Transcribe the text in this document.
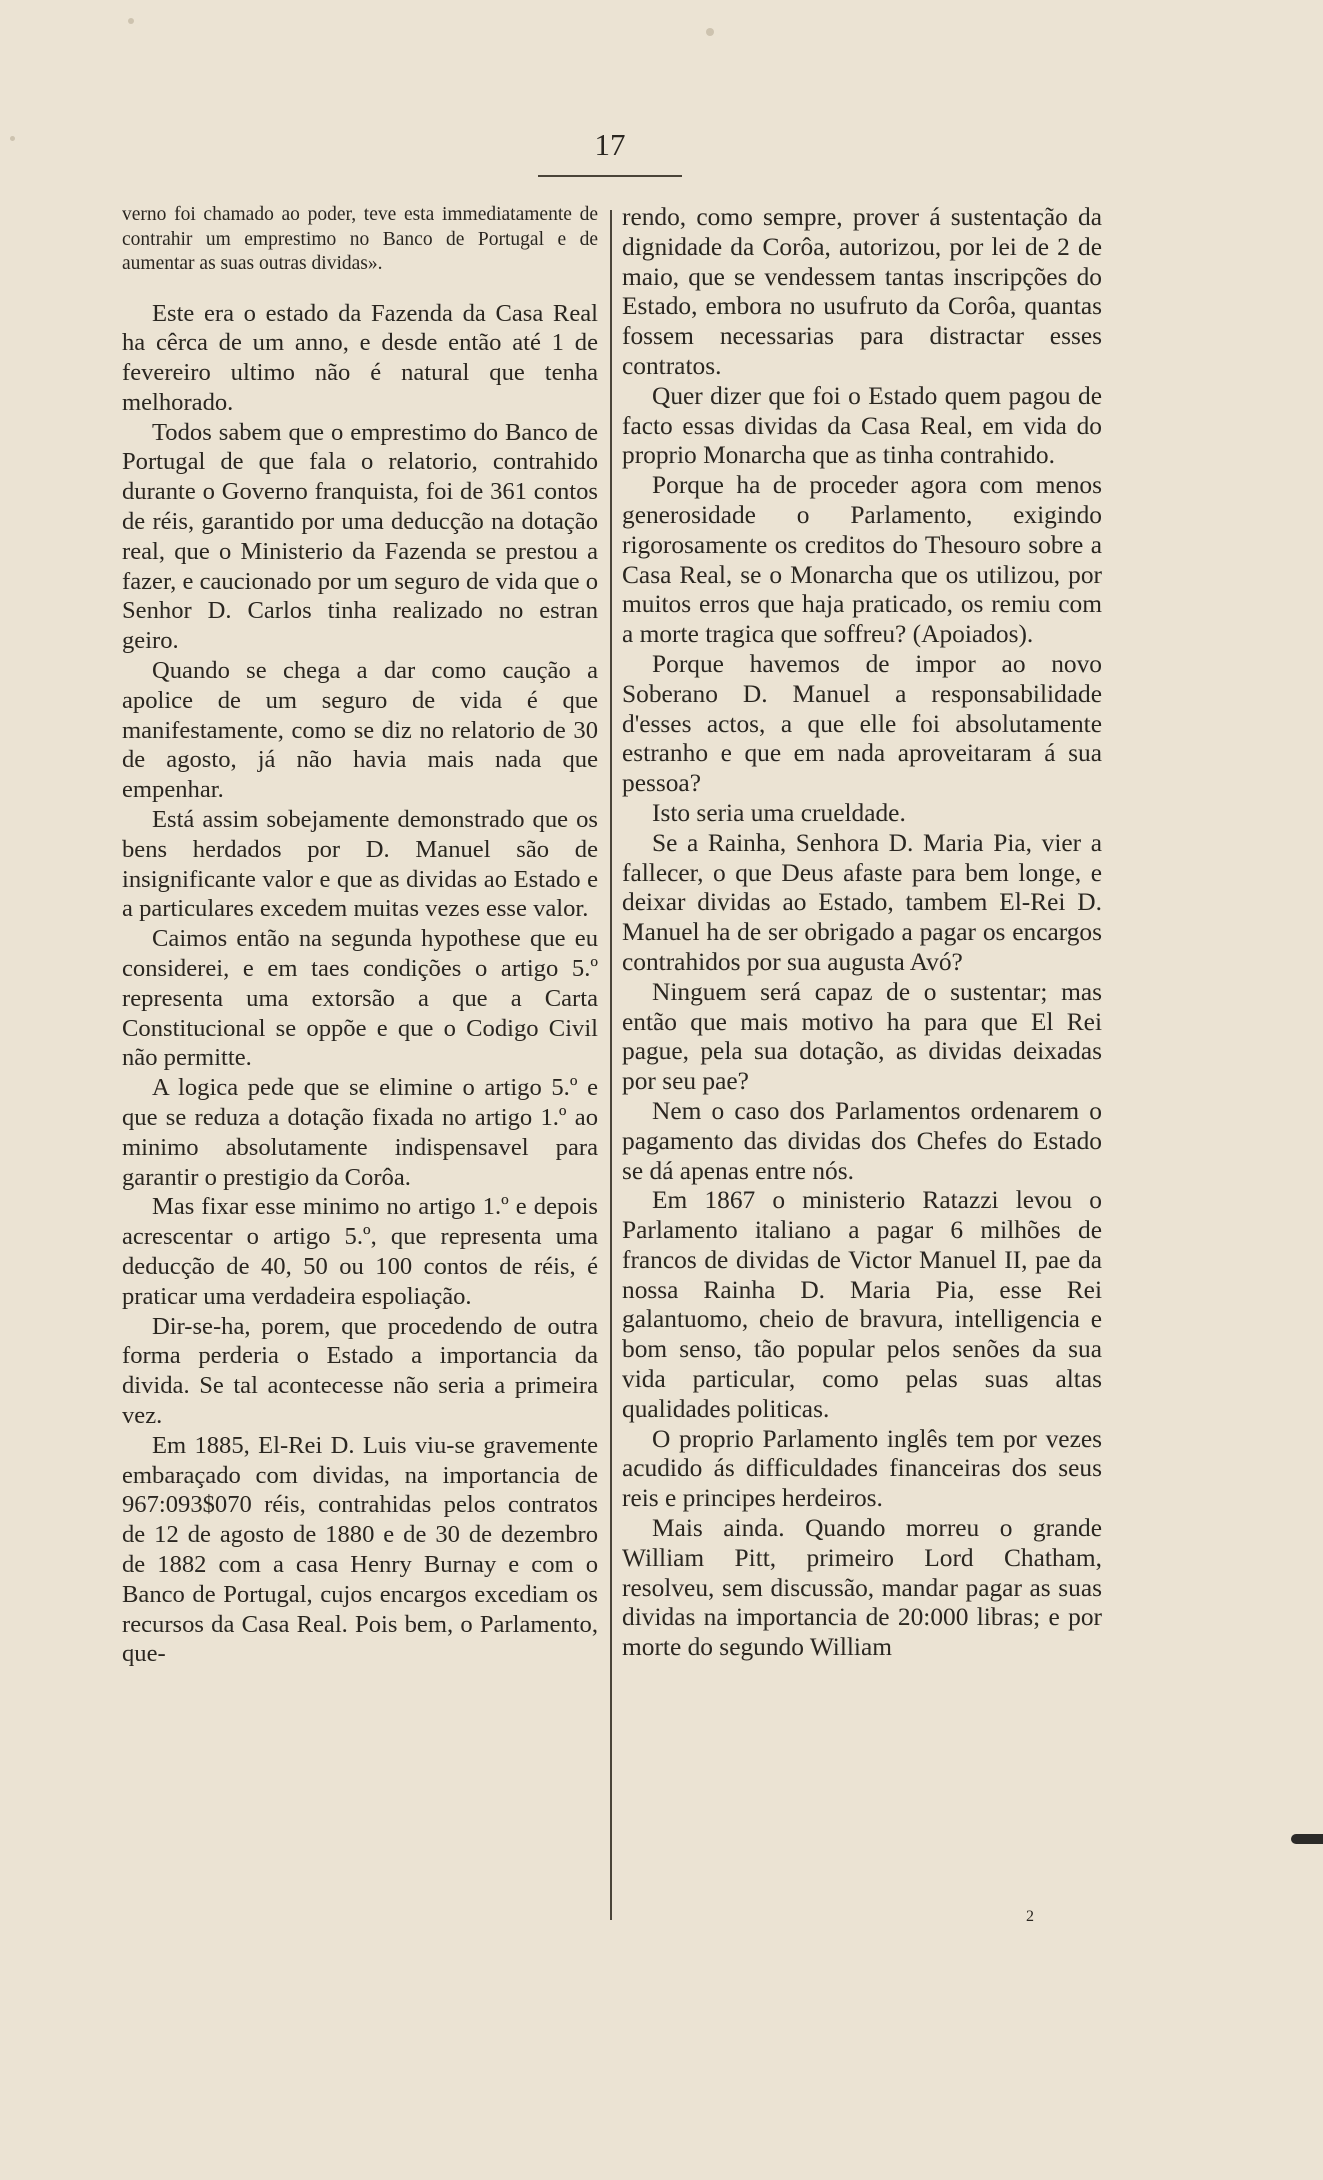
17

verno foi chamado ao poder, teve esta immediatamente de contrahir um emprestimo no Banco de Portugal e de aumentar as suas outras dividas».

Este era o estado da Fazenda da Casa Real ha cêrca de um anno, e desde então até 1 de fevereiro ultimo não é natural que tenha melhorado.

Todos sabem que o emprestimo do Banco de Portugal de que fala o relatorio, contrahido durante o Governo franquista, foi de 361 contos de réis, garantido por uma deducção na dotação real, que o Ministerio da Fazenda se prestou a fazer, e caucionado por um seguro de vida que o Senhor D. Carlos tinha realizado no estran geiro.

Quando se chega a dar como caução a apolice de um seguro de vida é que manifestamente, como se diz no relatorio de 30 de agosto, já não havia mais nada que empenhar.

Está assim sobejamente demonstrado que os bens herdados por D. Manuel são de insignificante valor e que as dividas ao Estado e a particulares excedem muitas vezes esse valor.

Caimos então na segunda hypothese que eu considerei, e em taes condições o artigo 5.º representa uma extorsão a que a Carta Constitucional se oppõe e que o Codigo Civil não permitte.

A logica pede que se elimine o artigo 5.º e que se reduza a dotação fixada no artigo 1.º ao minimo absolutamente indispensavel para garantir o prestigio da Corôa.

Mas fixar esse minimo no artigo 1.º e depois acrescentar o artigo 5.º, que representa uma deducção de 40, 50 ou 100 contos de réis, é praticar uma verdadeira espoliação.

Dir-se-ha, porem, que procedendo de outra forma perderia o Estado a importancia da divida. Se tal acontecesse não seria a primeira vez.

Em 1885, El-Rei D. Luis viu-se gravemente embaraçado com dividas, na importancia de 967:093$070 réis, contrahidas pelos contratos de 12 de agosto de 1880 e de 30 de dezembro de 1882 com a casa Henry Burnay e com o Banco de Portugal, cujos encargos excediam os recursos da Casa Real. Pois bem, o Parlamento, que-

rendo, como sempre, prover á sustentação da dignidade da Corôa, autorizou, por lei de 2 de maio, que se vendessem tantas inscripções do Estado, embora no usufruto da Corôa, quantas fossem necessarias para distractar esses contratos.

Quer dizer que foi o Estado quem pagou de facto essas dividas da Casa Real, em vida do proprio Monarcha que as tinha contrahido.

Porque ha de proceder agora com menos generosidade o Parlamento, exigindo rigorosamente os creditos do Thesouro sobre a Casa Real, se o Monarcha que os utilizou, por muitos erros que haja praticado, os remiu com a morte tragica que soffreu? (Apoiados).

Porque havemos de impor ao novo Soberano D. Manuel a responsabilidade d'esses actos, a que elle foi absolutamente estranho e que em nada aproveitaram á sua pessoa?

Isto seria uma crueldade.

Se a Rainha, Senhora D. Maria Pia, vier a fallecer, o que Deus afaste para bem longe, e deixar dividas ao Estado, tambem El-Rei D. Manuel ha de ser obrigado a pagar os encargos contrahidos por sua augusta Avó?

Ninguem será capaz de o sustentar; mas então que mais motivo ha para que El Rei pague, pela sua dotação, as dividas deixadas por seu pae?

Nem o caso dos Parlamentos ordenarem o pagamento das dividas dos Chefes do Estado se dá apenas entre nós.

Em 1867 o ministerio Ratazzi levou o Parlamento italiano a pagar 6 milhões de francos de dividas de Victor Manuel II, pae da nossa Rainha D. Maria Pia, esse Rei galantuomo, cheio de bravura, intelligencia e bom senso, tão popular pelos senões da sua vida particular, como pelas suas altas qualidades politicas.

O proprio Parlamento inglês tem por vezes acudido ás difficuldades financeiras dos seus reis e principes herdeiros.

Mais ainda. Quando morreu o grande William Pitt, primeiro Lord Chatham, resolveu, sem discussão, mandar pagar as suas dividas na importancia de 20:000 libras; e por morte do segundo William

2
